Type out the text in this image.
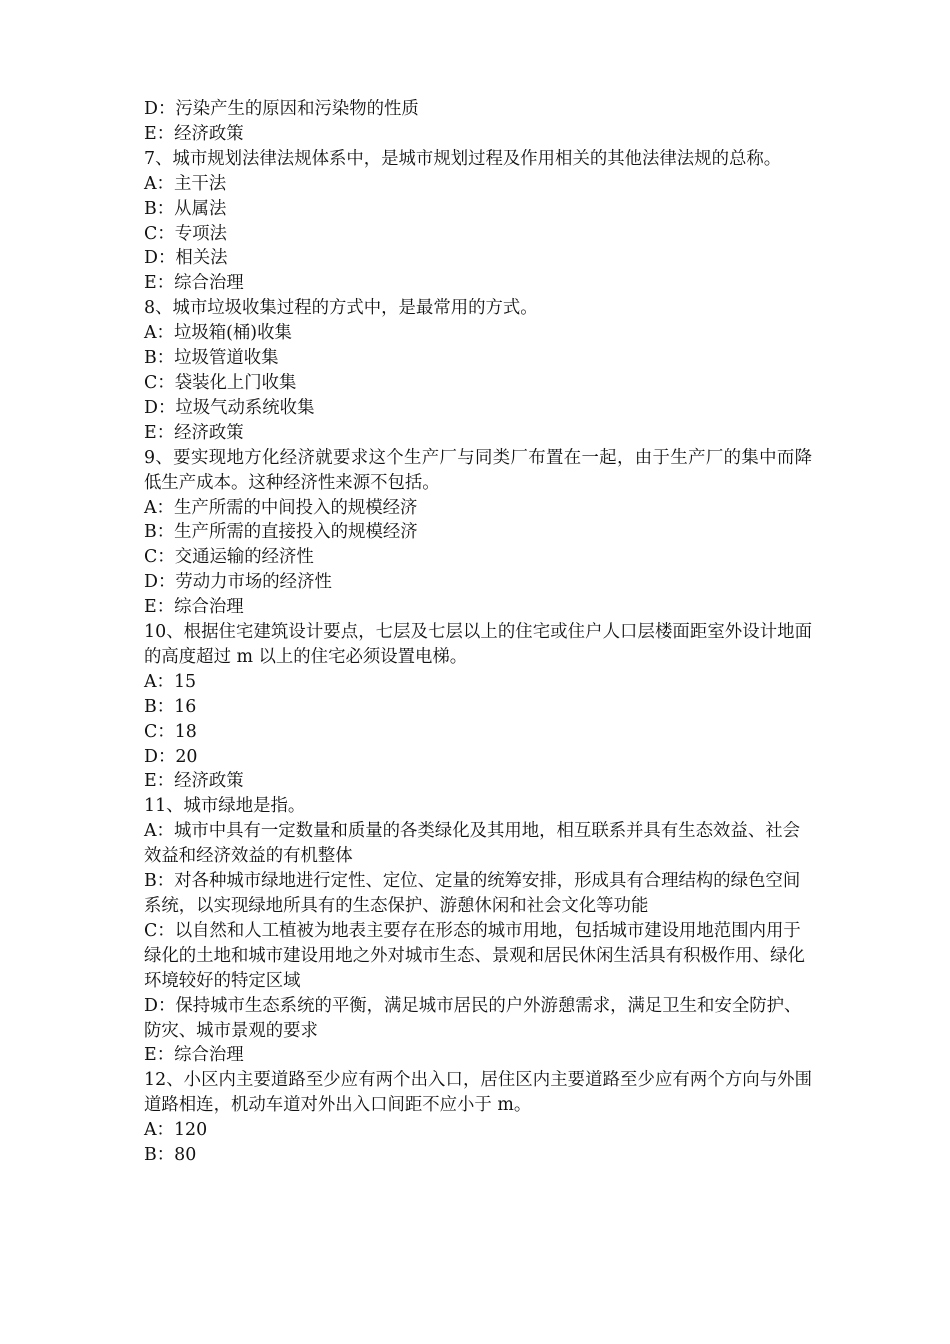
D：污染产生的原因和污染物的性质

E：经济政策

7、城市规划法律法规体系中，是城市规划过程及作用相关的其他法律法规的总称。

A：主干法

B：从属法

C：专项法

D：相关法

E：综合治理

8、城市垃圾收集过程的方式中，是最常用的方式。

A：垃圾箱(桶)收集

B：垃圾管道收集

C：袋装化上门收集

D：垃圾气动系统收集

E：经济政策

9、要实现地方化经济就要求这个生产厂与同类厂布置在一起，由于生产厂的集中而降低生产成本。这种经济性来源不包括。

A：生产所需的中间投入的规模经济

B：生产所需的直接投入的规模经济

C：交通运输的经济性

D：劳动力市场的经济性

E：综合治理

10、根据住宅建筑设计要点，七层及七层以上的住宅或住户人口层楼面距室外设计地面的高度超过 m 以上的住宅必须设置电梯。

A：15

B：16

C：18

D：20

E：经济政策

11、城市绿地是指。

A：城市中具有一定数量和质量的各类绿化及其用地，相互联系并具有生态效益、社会效益和经济效益的有机整体

B：对各种城市绿地进行定性、定位、定量的统筹安排，形成具有合理结构的绿色空间系统，以实现绿地所具有的生态保护、游憩休闲和社会文化等功能

C：以自然和人工植被为地表主要存在形态的城市用地，包括城市建设用地范围内用于绿化的土地和城市建设用地之外对城市生态、景观和居民休闲生活具有积极作用、绿化环境较好的特定区域

D：保持城市生态系统的平衡，满足城市居民的户外游憩需求，满足卫生和安全防护、防灾、城市景观的要求

E：综合治理

12、小区内主要道路至少应有两个出入口，居住区内主要道路至少应有两个方向与外围道路相连，机动车道对外出入口间距不应小于 m。

A：120

B：80
